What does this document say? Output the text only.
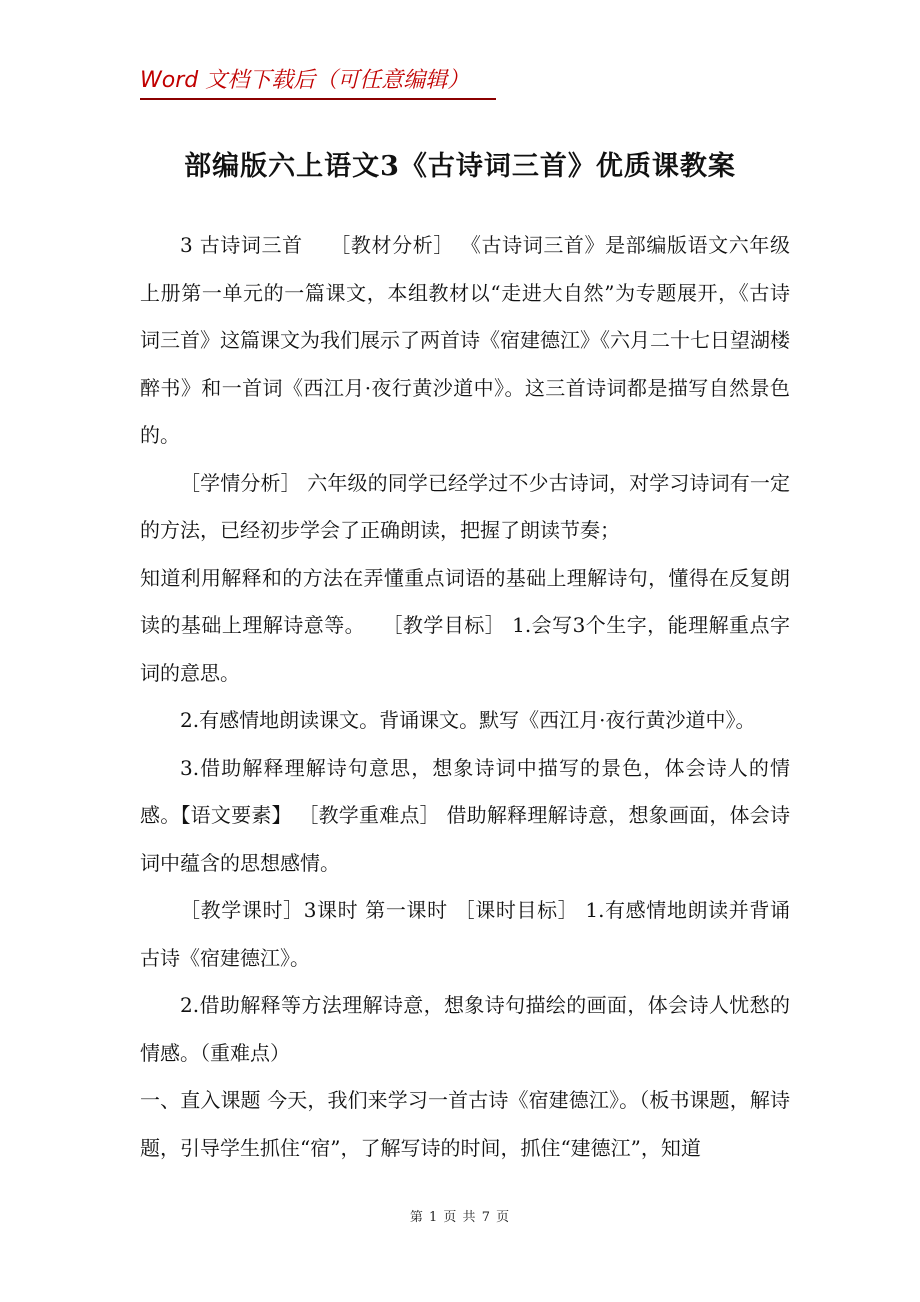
Word 文档下载后（可任意编辑）
部编版六上语文3《古诗词三首》优质课教案

3 古诗词三首　 ［教材分析］ 《古诗词三首》是部编版语文六年级上册第一单元的一篇课文，本组教材以“走进大自然”为专题展开，《古诗词三首》这篇课文为我们展示了两首诗《宿建德江》《六月二十七日望湖楼醉书》和一首词《西江月·夜行黄沙道中》。这三首诗词都是描写自然景色的。

［学情分析］ 六年级的同学已经学过不少古诗词，对学习诗词有一定的方法，已经初步学会了正确朗读，把握了朗读节奏；

知道利用解释和的方法在弄懂重点词语的基础上理解诗句，懂得在反复朗读的基础上理解诗意等。　 ［教学目标］ 1.会写3个生字，能理解重点字词的意思。

2.有感情地朗读课文。背诵课文。默写《西江月·夜行黄沙道中》。

3.借助解释理解诗句意思，想象诗词中描写的景色，体会诗人的情感。【语文要素】 ［教学重难点］ 借助解释理解诗意，想象画面，体会诗词中蕴含的思想感情。

［教学课时］3课时 第一课时 ［课时目标］ 1.有感情地朗读并背诵古诗《宿建德江》。

2.借助解释等方法理解诗意，想象诗句描绘的画面，体会诗人忧愁的情感。（重难点）

一、直入课题 今天，我们来学习一首古诗《宿建德江》。（板书课题，解诗题，引导学生抓住“宿”，了解写诗的时间，抓住“建德江”，知道

第 1 页 共 7 页
